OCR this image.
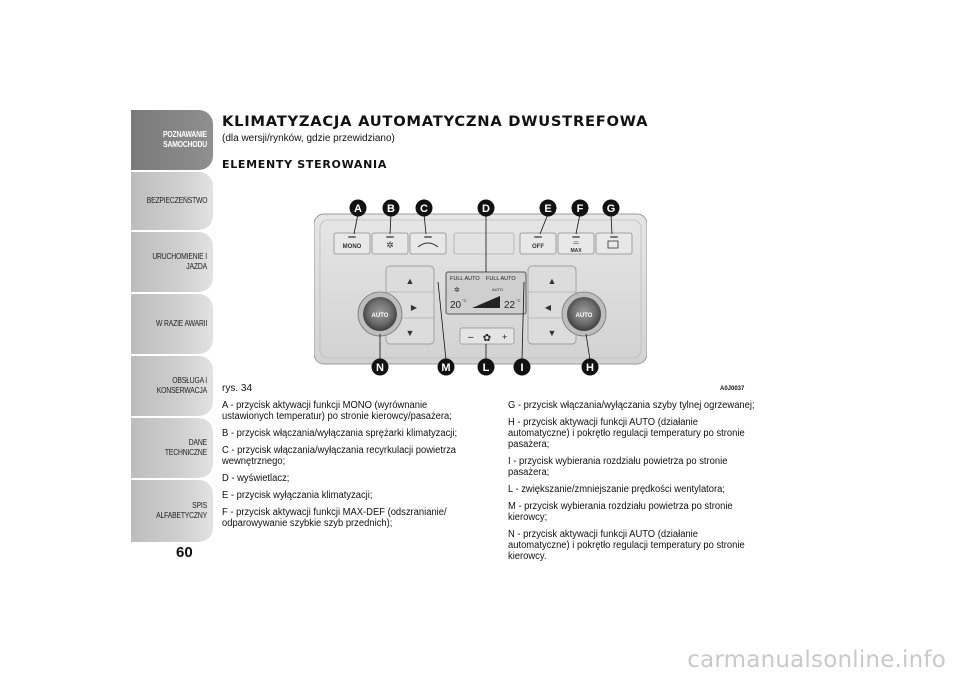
POZNAWANIE SAMOCHODU
BEZPIECZEŃSTWO
URUCHOMIENIE I JAZDA
W RAZIE AWARII
OBSŁUGA I KONSERWACJA
DANE TECHNICZNE
SPIS ALFABETYCZNY
60
KLIMATYZACJA AUTOMATYCZNA DWUSTREFOWA
(dla wersji/rynków, gdzie przewidziano)
ELEMENTY STEROWANIA
MONO	✲	OFF
⌓
MAX
▲
▶
▼
AUTO
▲
◀
▼
AUTO
FULL AUTO FULL AUTO
✲	AUTO
20 °C	22 °C
– ✿ +
A B C	D	E F G
N	M	L	I	H
rys. 34	A0J0037

A - przycisk aktywacji funkcji MONO (wyrównanie ustawionych temperatur) po stronie kierowcy/pasażera;

B - przycisk włączania/wyłączania sprężarki klimatyzacji;

C - przycisk włączania/wyłączania recyrkulacji powietrza wewnętrznego;

D - wyświetlacz;

E - przycisk wyłączania klimatyzacji;

F - przycisk aktywacji funkcji MAX-DEF (odszranianie/ odparowywanie szybkie szyb przednich);

G - przycisk włączania/wyłączania szyby tylnej ogrzewanej;

H - przycisk aktywacji funkcji AUTO (działanie automatyczne) i pokrętło regulacji temperatury po stronie pasażera;

I - przycisk wybierania rozdziału powietrza po stronie pasażera;

L - zwiększanie/zmniejszanie prędkości wentylatora;

M - przycisk wybierania rozdziału powietrza po stronie kierowcy;

N - przycisk aktywacji funkcji AUTO (działanie automatyczne) i pokrętło regulacji temperatury po stronie kierowcy.

carmanualsonline.info
